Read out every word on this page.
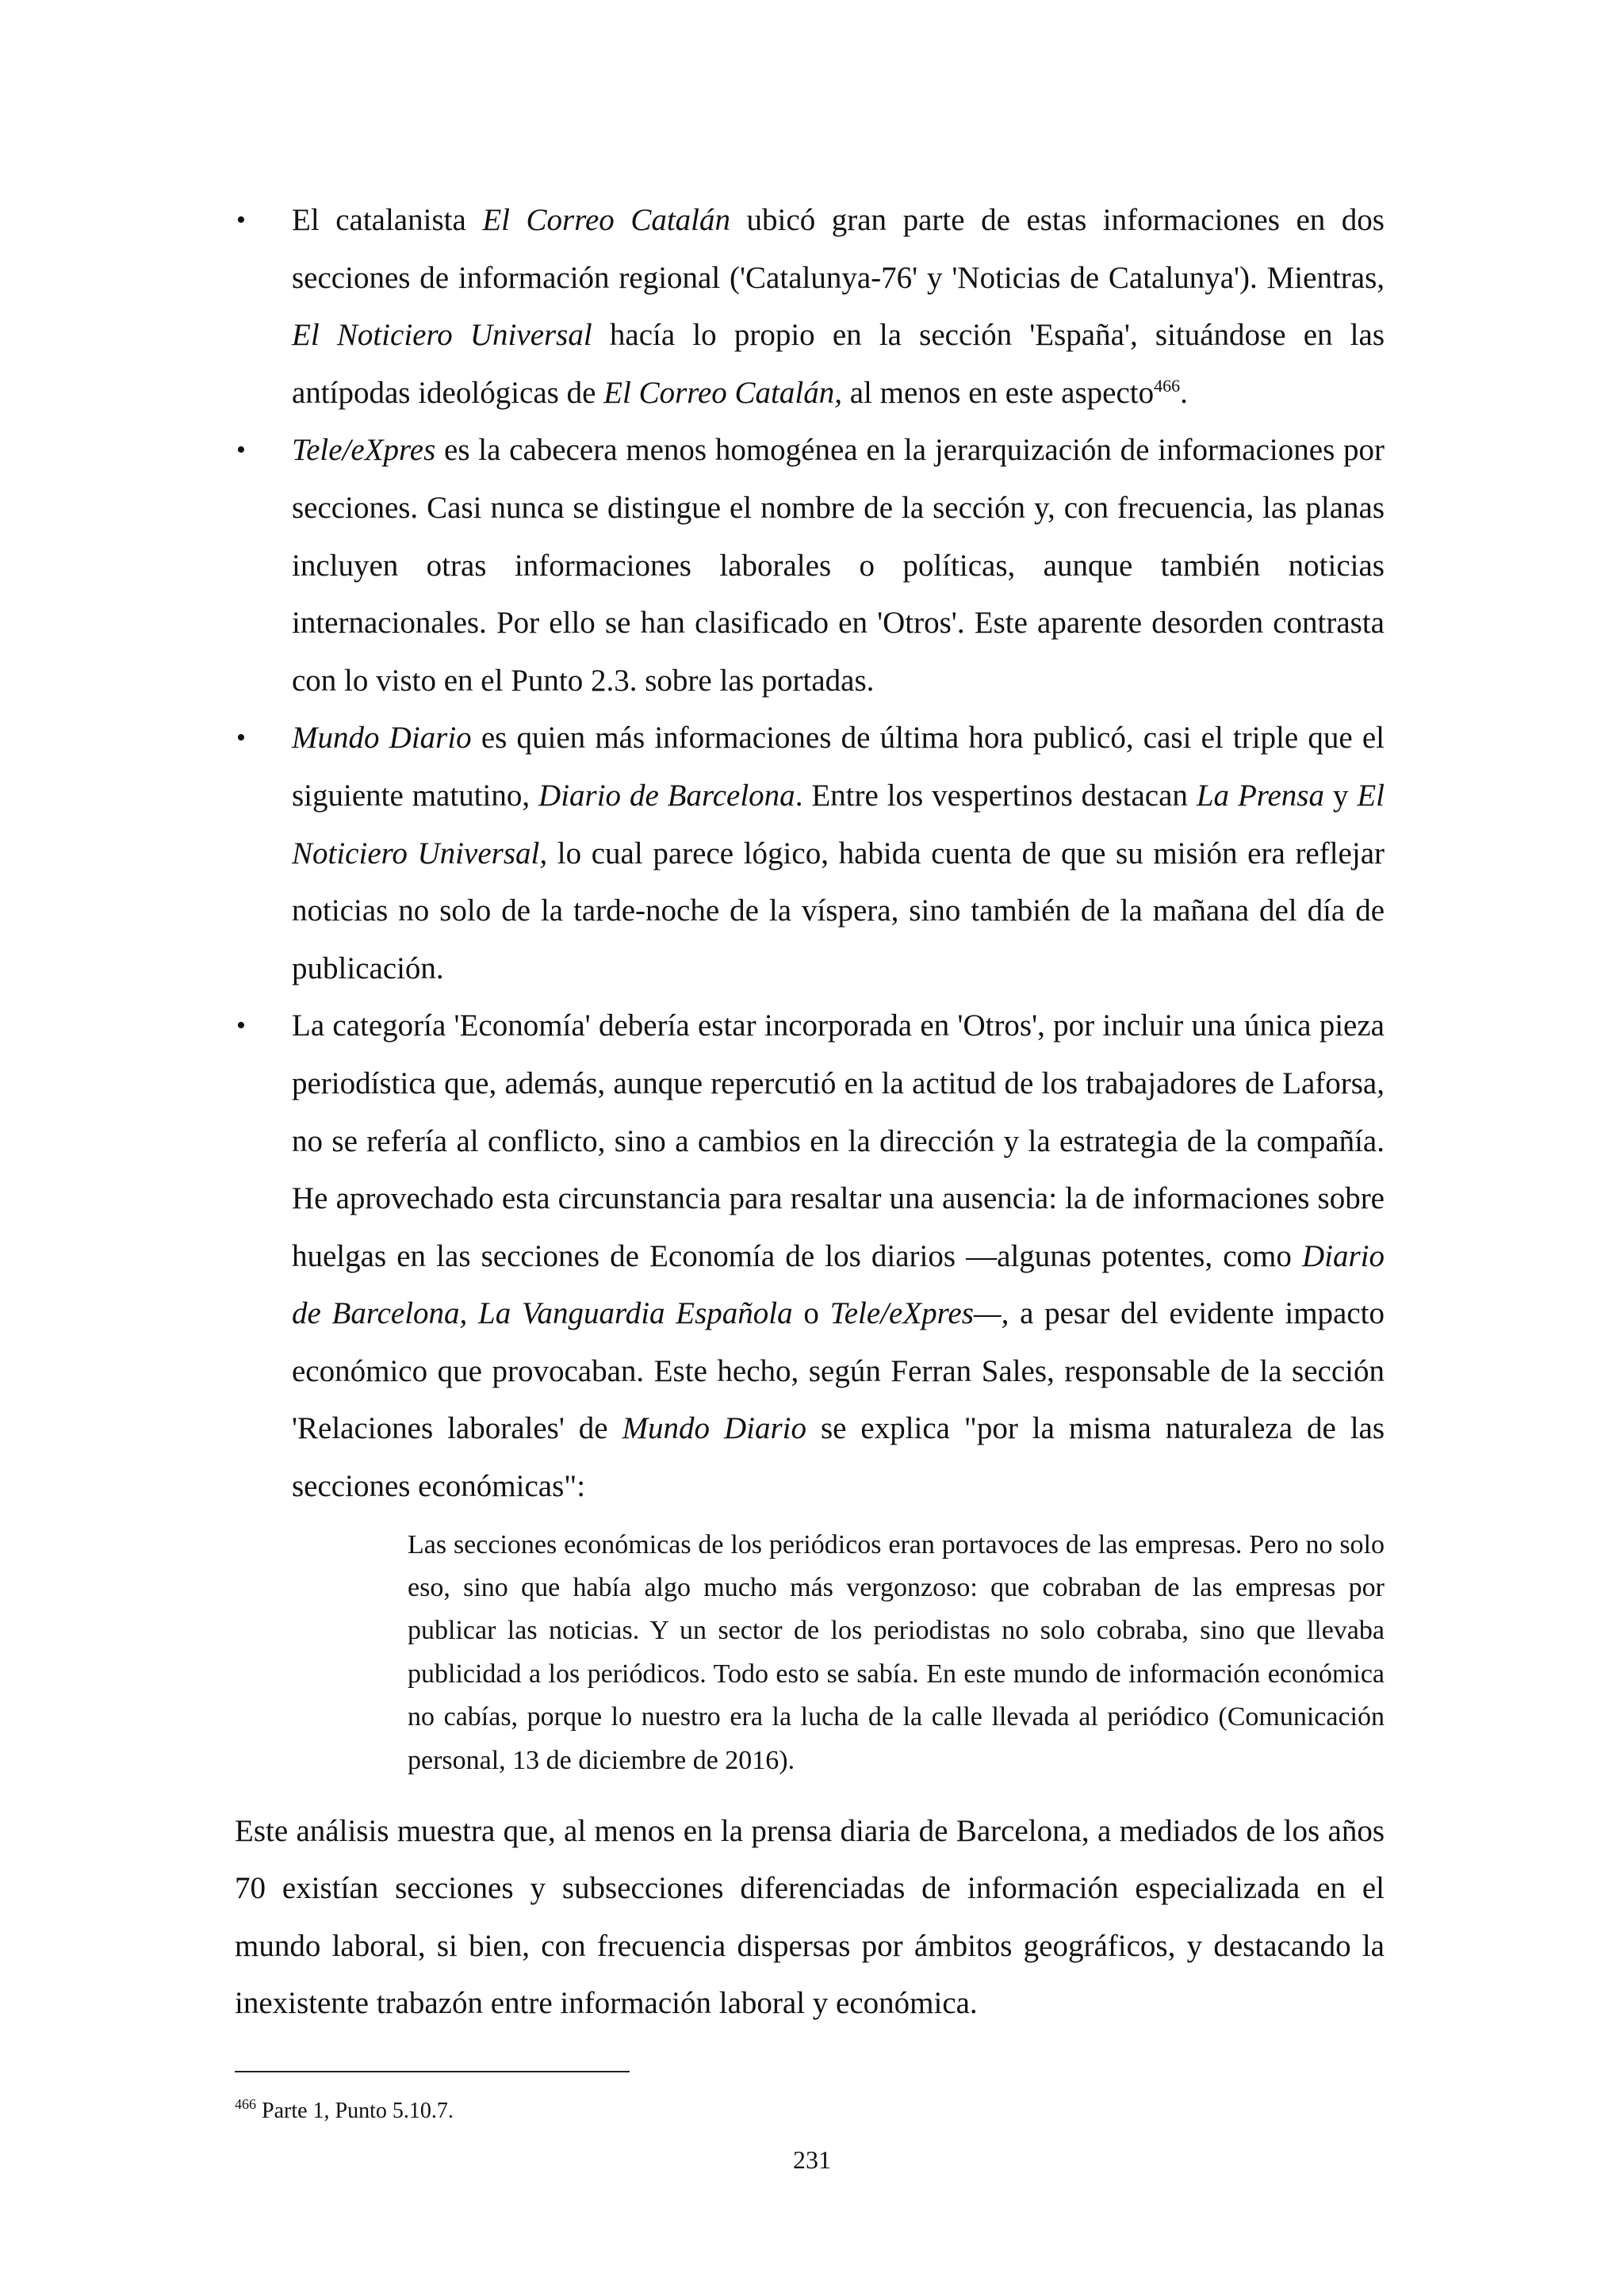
• El catalanista El Correo Catalán ubicó gran parte de estas informaciones en dos secciones de información regional ('Catalunya-76' y 'Noticias de Catalunya'). Mientras, El Noticiero Universal hacía lo propio en la sección 'España', situándose en las antípodas ideológicas de El Correo Catalán, al menos en este aspecto$^{466}$.
• Tele/eXpres es la cabecera menos homogénea en la jerarquización de informaciones por secciones. Casi nunca se distingue el nombre de la sección y, con frecuencia, las planas incluyen otras informaciones laborales o políticas, aunque también noticias internacionales. Por ello se han clasificado en 'Otros'. Este aparente desorden contrasta con lo visto en el Punto 2.3. sobre las portadas.
• Mundo Diario es quien más informaciones de última hora publicó, casi el triple que el siguiente matutino, Diario de Barcelona. Entre los vespertinos destacan La Prensa y El Noticiero Universal, lo cual parece lógico, habida cuenta de que su misión era reflejar noticias no solo de la tarde-noche de la víspera, sino también de la mañana del día de publicación.
• La categoría 'Economía' debería estar incorporada en 'Otros', por incluir una única pieza periodística que, además, aunque repercutió en la actitud de los trabajadores de Laforsa, no se refería al conflicto, sino a cambios en la dirección y la estrategia de la compañía. He aprovechado esta circunstancia para resaltar una ausencia: la de informaciones sobre huelgas en las secciones de Economía de los diarios —algunas potentes, como Diario de Barcelona, La Vanguardia Española o Tele/eXpres—, a pesar del evidente impacto económico que provocaban. Este hecho, según Ferran Sales, responsable de la sección 'Relaciones laborales' de Mundo Diario se explica "por la misma naturaleza de las secciones económicas":
Las secciones económicas de los periódicos eran portavoces de las empresas. Pero no solo eso, sino que había algo mucho más vergonzoso: que cobraban de las empresas por publicar las noticias. Y un sector de los periodistas no solo cobraba, sino que llevaba publicidad a los periódicos. Todo esto se sabía. En este mundo de información económica no cabías, porque lo nuestro era la lucha de la calle llevada al periódico (Comunicación personal, 13 de diciembre de 2016).

Este análisis muestra que, al menos en la prensa diaria de Barcelona, a mediados de los años 70 existían secciones y subsecciones diferenciadas de información especializada en el mundo laboral, si bien, con frecuencia dispersas por ámbitos geográficos, y destacando la inexistente trabazón entre información laboral y económica.

$^{466}$ Parte 1, Punto 5.10.7.

231
